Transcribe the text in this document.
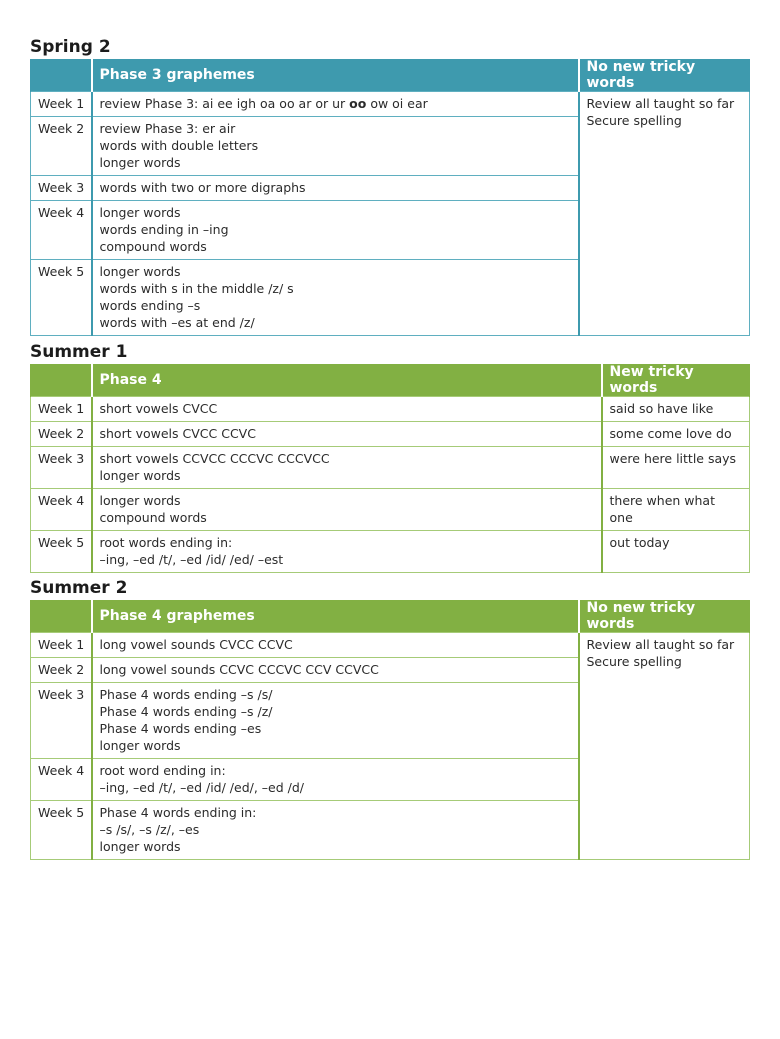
Spring 2
	Phase 3 graphemes	No new tricky words
Week 1	review Phase 3: ai ee igh oa oo ar or ur oo ow oi ear	Review all taught so far
Secure spelling

Week 2	review Phase 3: er air
words with double letters
longer words	

Week 3	words with two or more digraphs	

Week 4	longer words
words ending in –ing
compound words	

Week 5	longer words
words with s in the middle /z/ s
words ending –s
words with –es at end /z/	
Summer 1
	Phase 4	New tricky words
Week 1	short vowels CVCC	said so have like
Week 2	short vowels CVCC CCVC	some come love do
Week 3	short vowels CCVCC CCCVC CCCVCC
longer words	were here little says
Week 4	longer words
compound words	there when what one
Week 5	root words ending in:
–ing, –ed /t/, –ed /id/ /ed/ –est	out today
Summer 2
	Phase 4 graphemes	No new tricky words
Week 1	long vowel sounds CVCC CCVC	Review all taught so far
Secure spelling

Week 2	long vowel sounds CCVC CCCVC CCV CCVCC	

Week 3	Phase 4 words ending –s /s/
Phase 4 words ending –s /z/
Phase 4 words ending –es
longer words	

Week 4	root word ending in:
–ing, –ed /t/, –ed /id/ /ed/, –ed /d/	

Week 5	Phase 4 words ending in:
–s /s/, –s /z/, –es
longer words	
